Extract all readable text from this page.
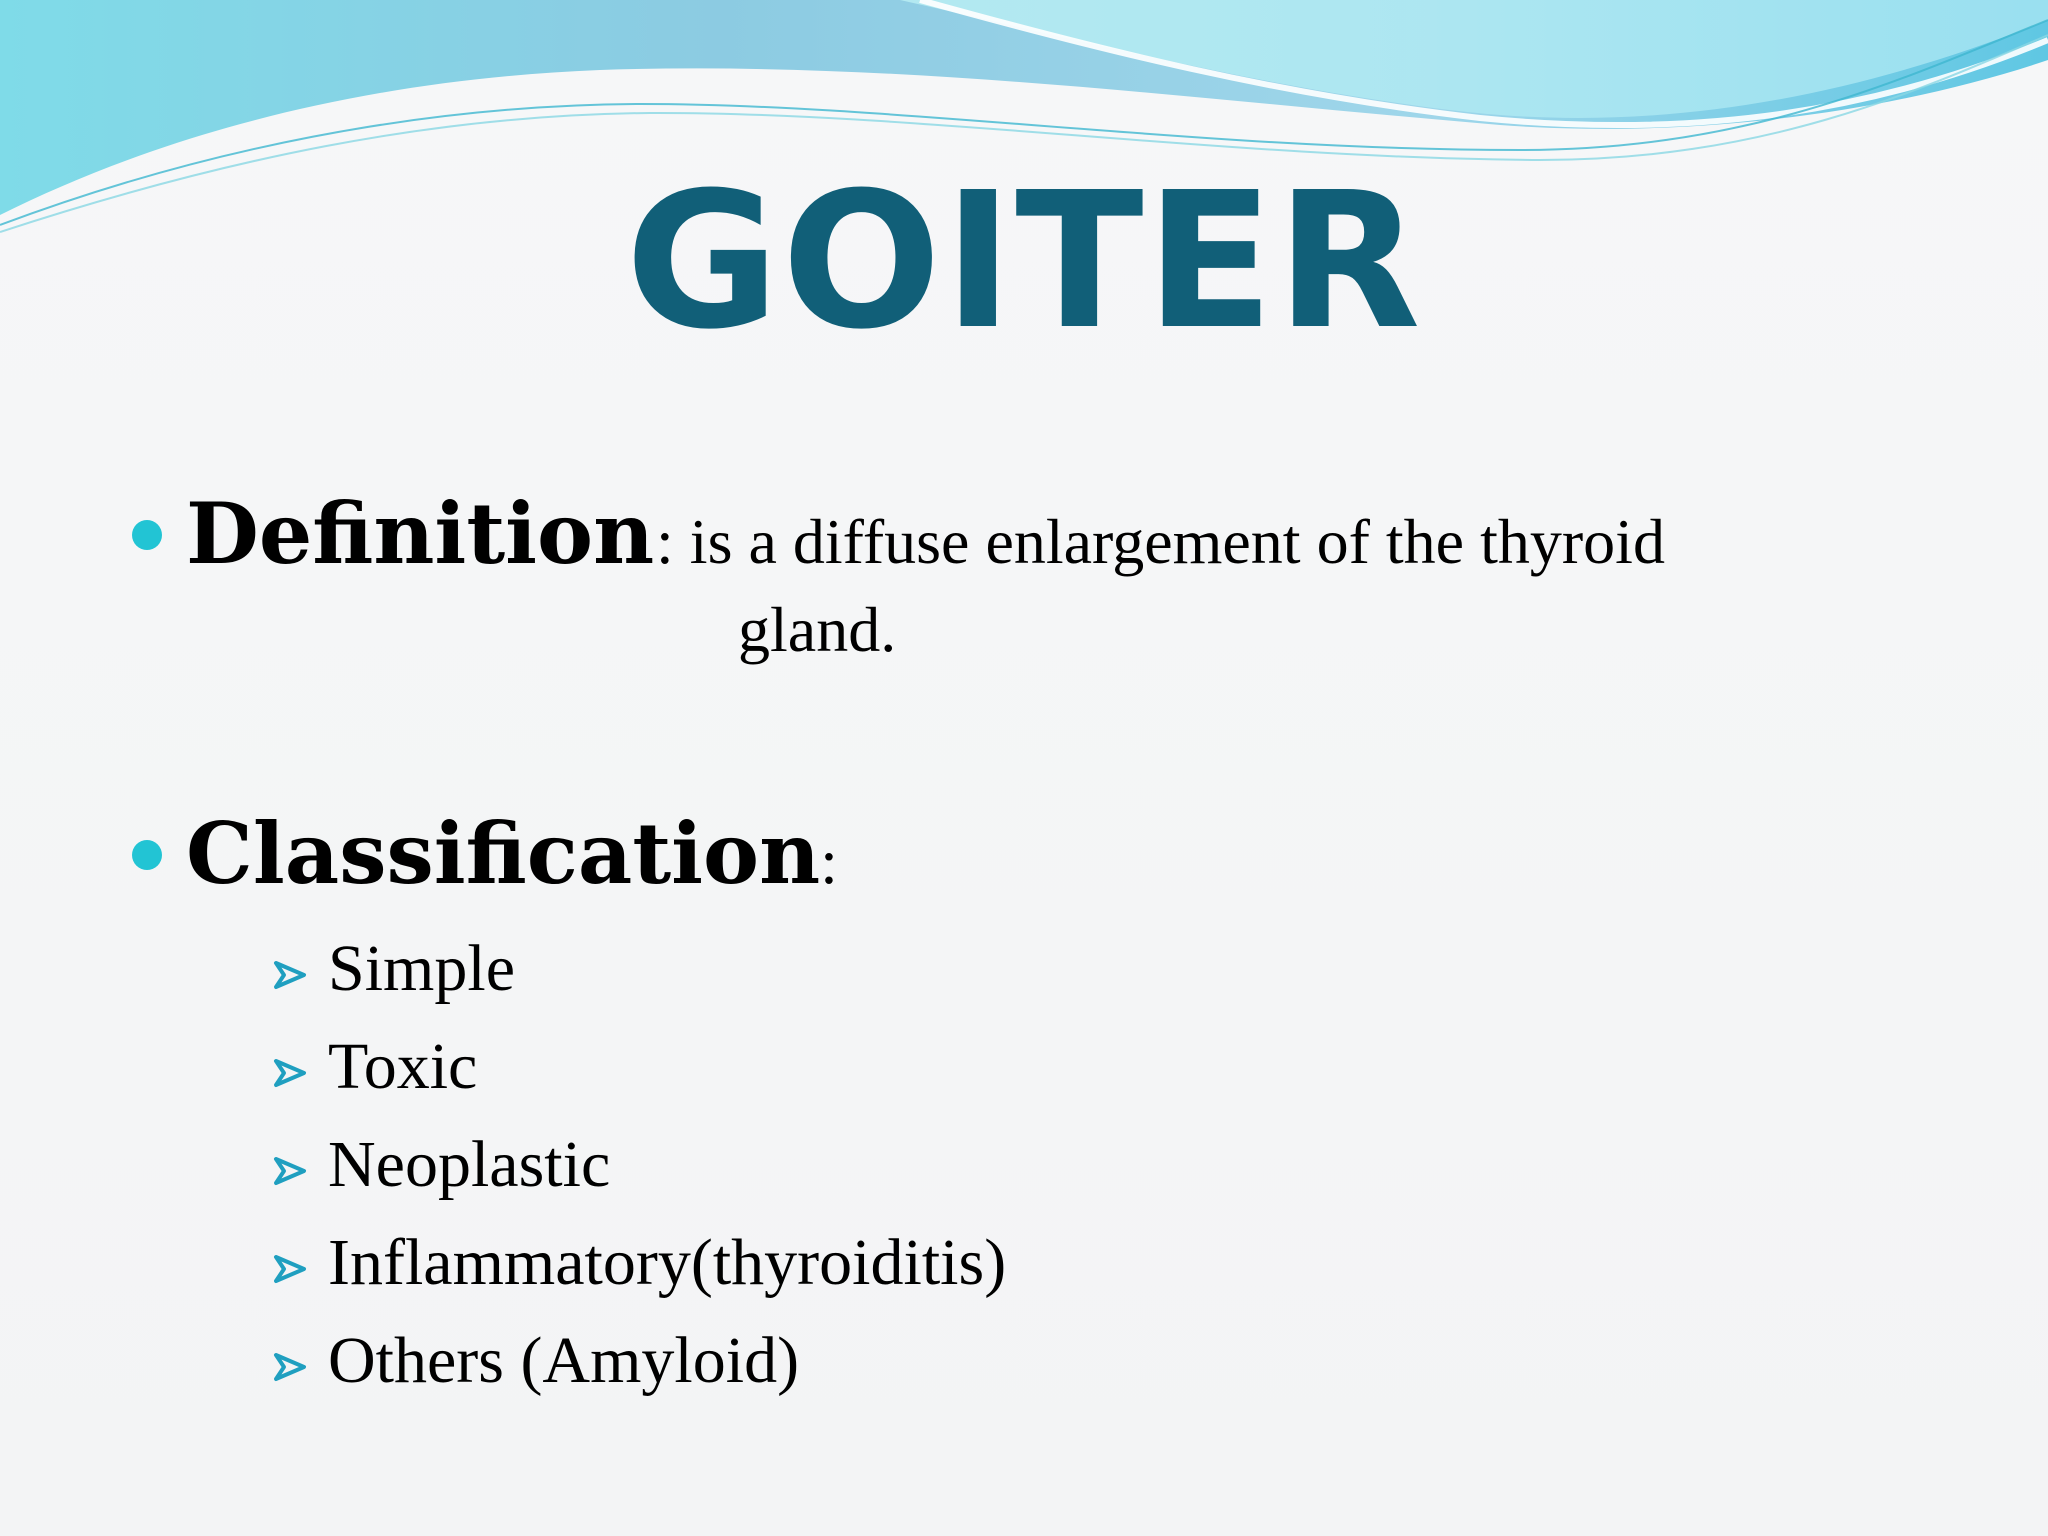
GOITER
Definition : is a diffuse enlargement of the thyroid
gland.
Classification:
Simple
Toxic
Neoplastic
Inflammatory(thyroiditis)
Others (Amyloid)
